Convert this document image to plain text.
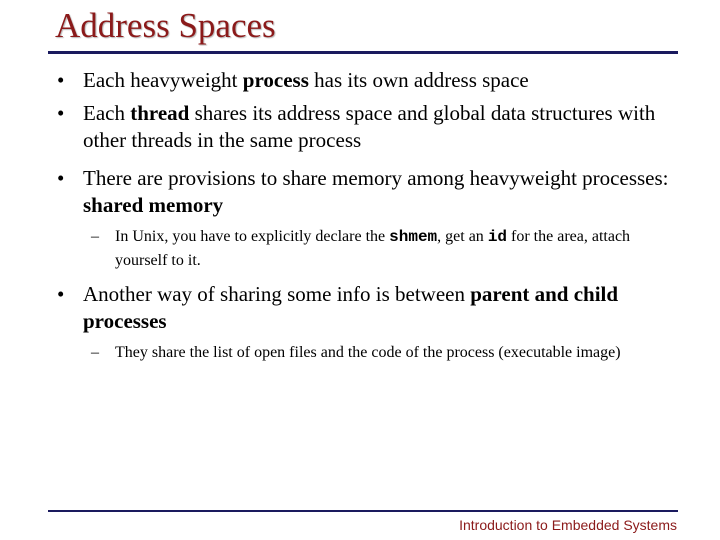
Address Spaces
• Each heavyweight process has its own address space
• Each thread shares its address space and global data structures with other threads in the same process
• There are provisions to share memory among heavyweight processes: shared memory
– In Unix, you have to explicitly declare the shmem, get an id for the area, attach yourself to it.
• Another way of sharing some info is between parent and child processes
– They share the list of open files and the code of the process (executable image)
Introduction to Embedded Systems
